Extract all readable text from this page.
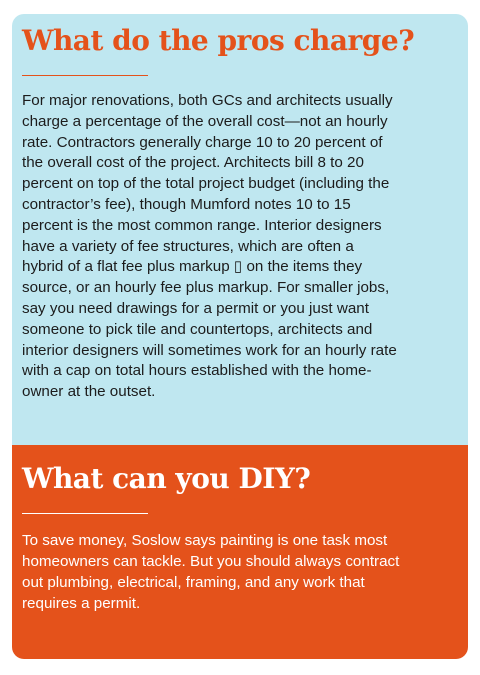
What do the pros charge?

For major renovations, both GCs and architects usually
charge a percentage of the overall cost—not an hourly
rate. Contractors generally charge 10 to 20 percent of
the overall cost of the project. Architects bill 8 to 20
percent on top of the total project budget (including the
contractor’s fee), though Mumford notes 10 to 15
percent is the most common range. Interior designers
have a variety of fee structures, which are often a
hybrid of a flat fee plus markup ▯ on the items they
source, or an hourly fee plus markup. For smaller jobs,
say you need drawings for a permit or you just want
someone to pick tile and countertops, architects and
interior designers will sometimes work for an hourly rate
with a cap on total hours established with the home-
owner at the outset.

What can you DIY?

To save money, Soslow says painting is one task most
homeowners can tackle. But you should always contract
out plumbing, electrical, framing, and any work that
requires a permit.
